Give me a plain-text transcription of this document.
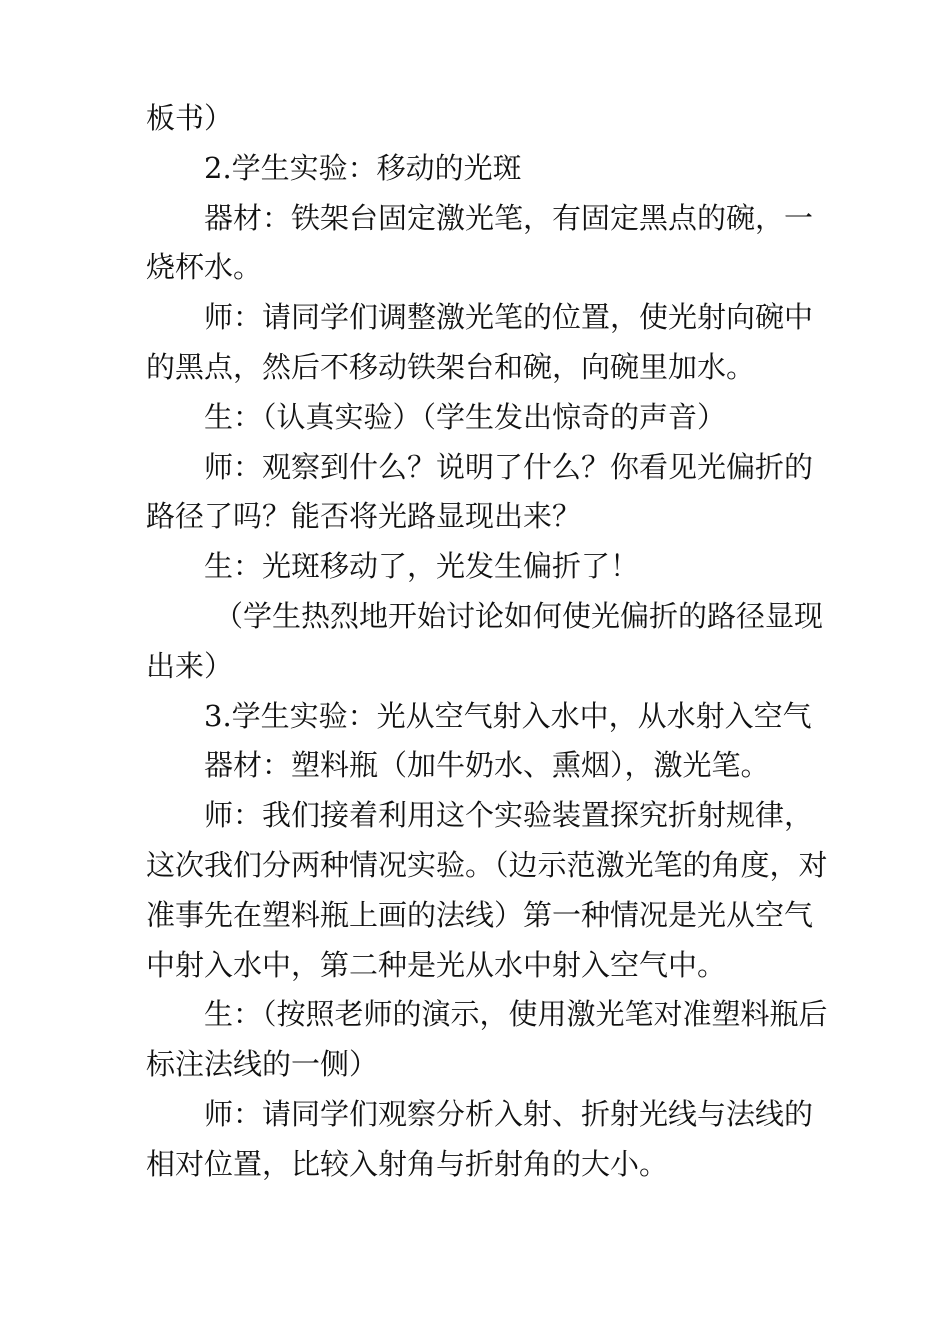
板书）
2.学生实验：移动的光斑
器材：铁架台固定激光笔，有固定黑点的碗，一
烧杯水。
师：请同学们调整激光笔的位置，使光射向碗中
的黑点，然后不移动铁架台和碗，向碗里加水。
生：（认真实验）（学生发出惊奇的声音）
师：观察到什么？说明了什么？你看见光偏折的
路径了吗？能否将光路显现出来？
生：光斑移动了，光发生偏折了！
（学生热烈地开始讨论如何使光偏折的路径显现
出来）
3.学生实验：光从空气射入水中，从水射入空气
器材：塑料瓶（加牛奶水、熏烟），激光笔。
师：我们接着利用这个实验装置探究折射规律，
这次我们分两种情况实验。（边示范激光笔的角度，对
准事先在塑料瓶上画的法线）第一种情况是光从空气
中射入水中，第二种是光从水中射入空气中。
生：（按照老师的演示，使用激光笔对准塑料瓶后
标注法线的一侧）
师：请同学们观察分析入射、折射光线与法线的
相对位置，比较入射角与折射角的大小。
